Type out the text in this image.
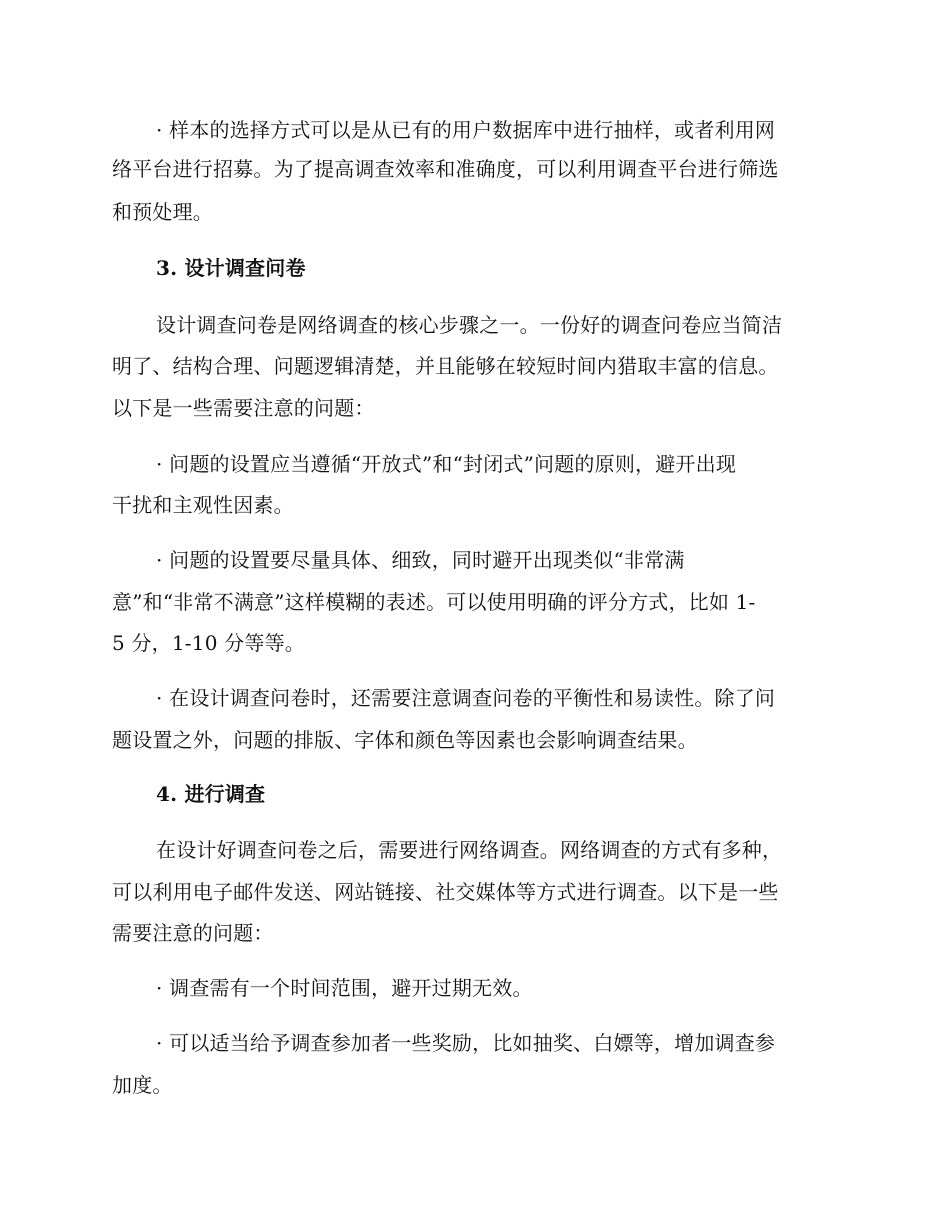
· 样本的选择方式可以是从已有的用户数据库中进行抽样，或者利用网
络平台进行招募。为了提高调查效率和准确度，可以利用调查平台进行筛选
和预处理。
3. 设计调查问卷
设计调查问卷是网络调查的核心步骤之一。一份好的调查问卷应当简洁
明了、结构合理、问题逻辑清楚，并且能够在较短时间内猎取丰富的信息。
以下是一些需要注意的问题：
· 问题的设置应当遵循“开放式”和“封闭式”问题的原则，避开出现
干扰和主观性因素。
· 问题的设置要尽量具体、细致，同时避开出现类似“非常满
意”和“非常不满意”这样模糊的表述。可以使用明确的评分方式，比如 1-
5 分，1-10 分等等。
· 在设计调查问卷时，还需要注意调查问卷的平衡性和易读性。除了问
题设置之外，问题的排版、字体和颜色等因素也会影响调查结果。
4. 进行调查
在设计好调查问卷之后，需要进行网络调查。网络调查的方式有多种，
可以利用电子邮件发送、网站链接、社交媒体等方式进行调查。以下是一些
需要注意的问题：
· 调查需有一个时间范围，避开过期无效。
· 可以适当给予调查参加者一些奖励，比如抽奖、白嫖等，增加调查参
加度。
